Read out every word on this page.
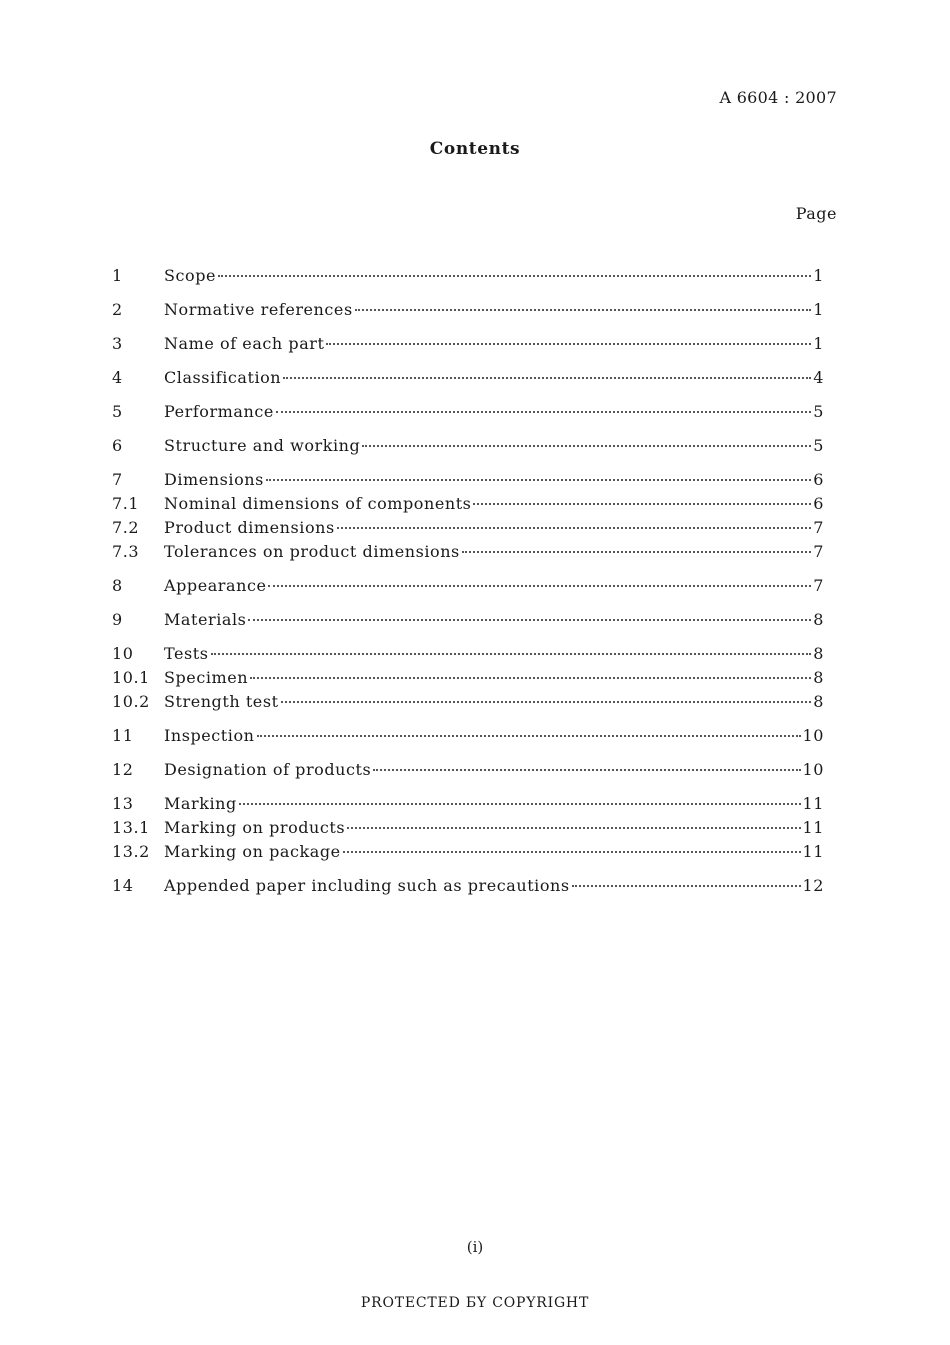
A 6604 : 2007
Contents
Page
1	Scope	1
2	Normative references	1
3	Name of each part	1
4	Classification	4
5	Performance	5
6	Structure and working	5
7	Dimensions	6
7.1	Nominal dimensions of components	6
7.2	Product dimensions	7
7.3	Tolerances on product dimensions	7
8	Appearance	7
9	Materials	8
10	Tests	8
10.1 Specimen	8
10.2 Strength test	8
11	Inspection	10
12	Designation of products	10
13	Marking	11
13.1 Marking on products	11
13.2 Marking on package	11
14	Appended paper including such as precautions	12
(i)
PROTECTED БY COPYRIGHT
